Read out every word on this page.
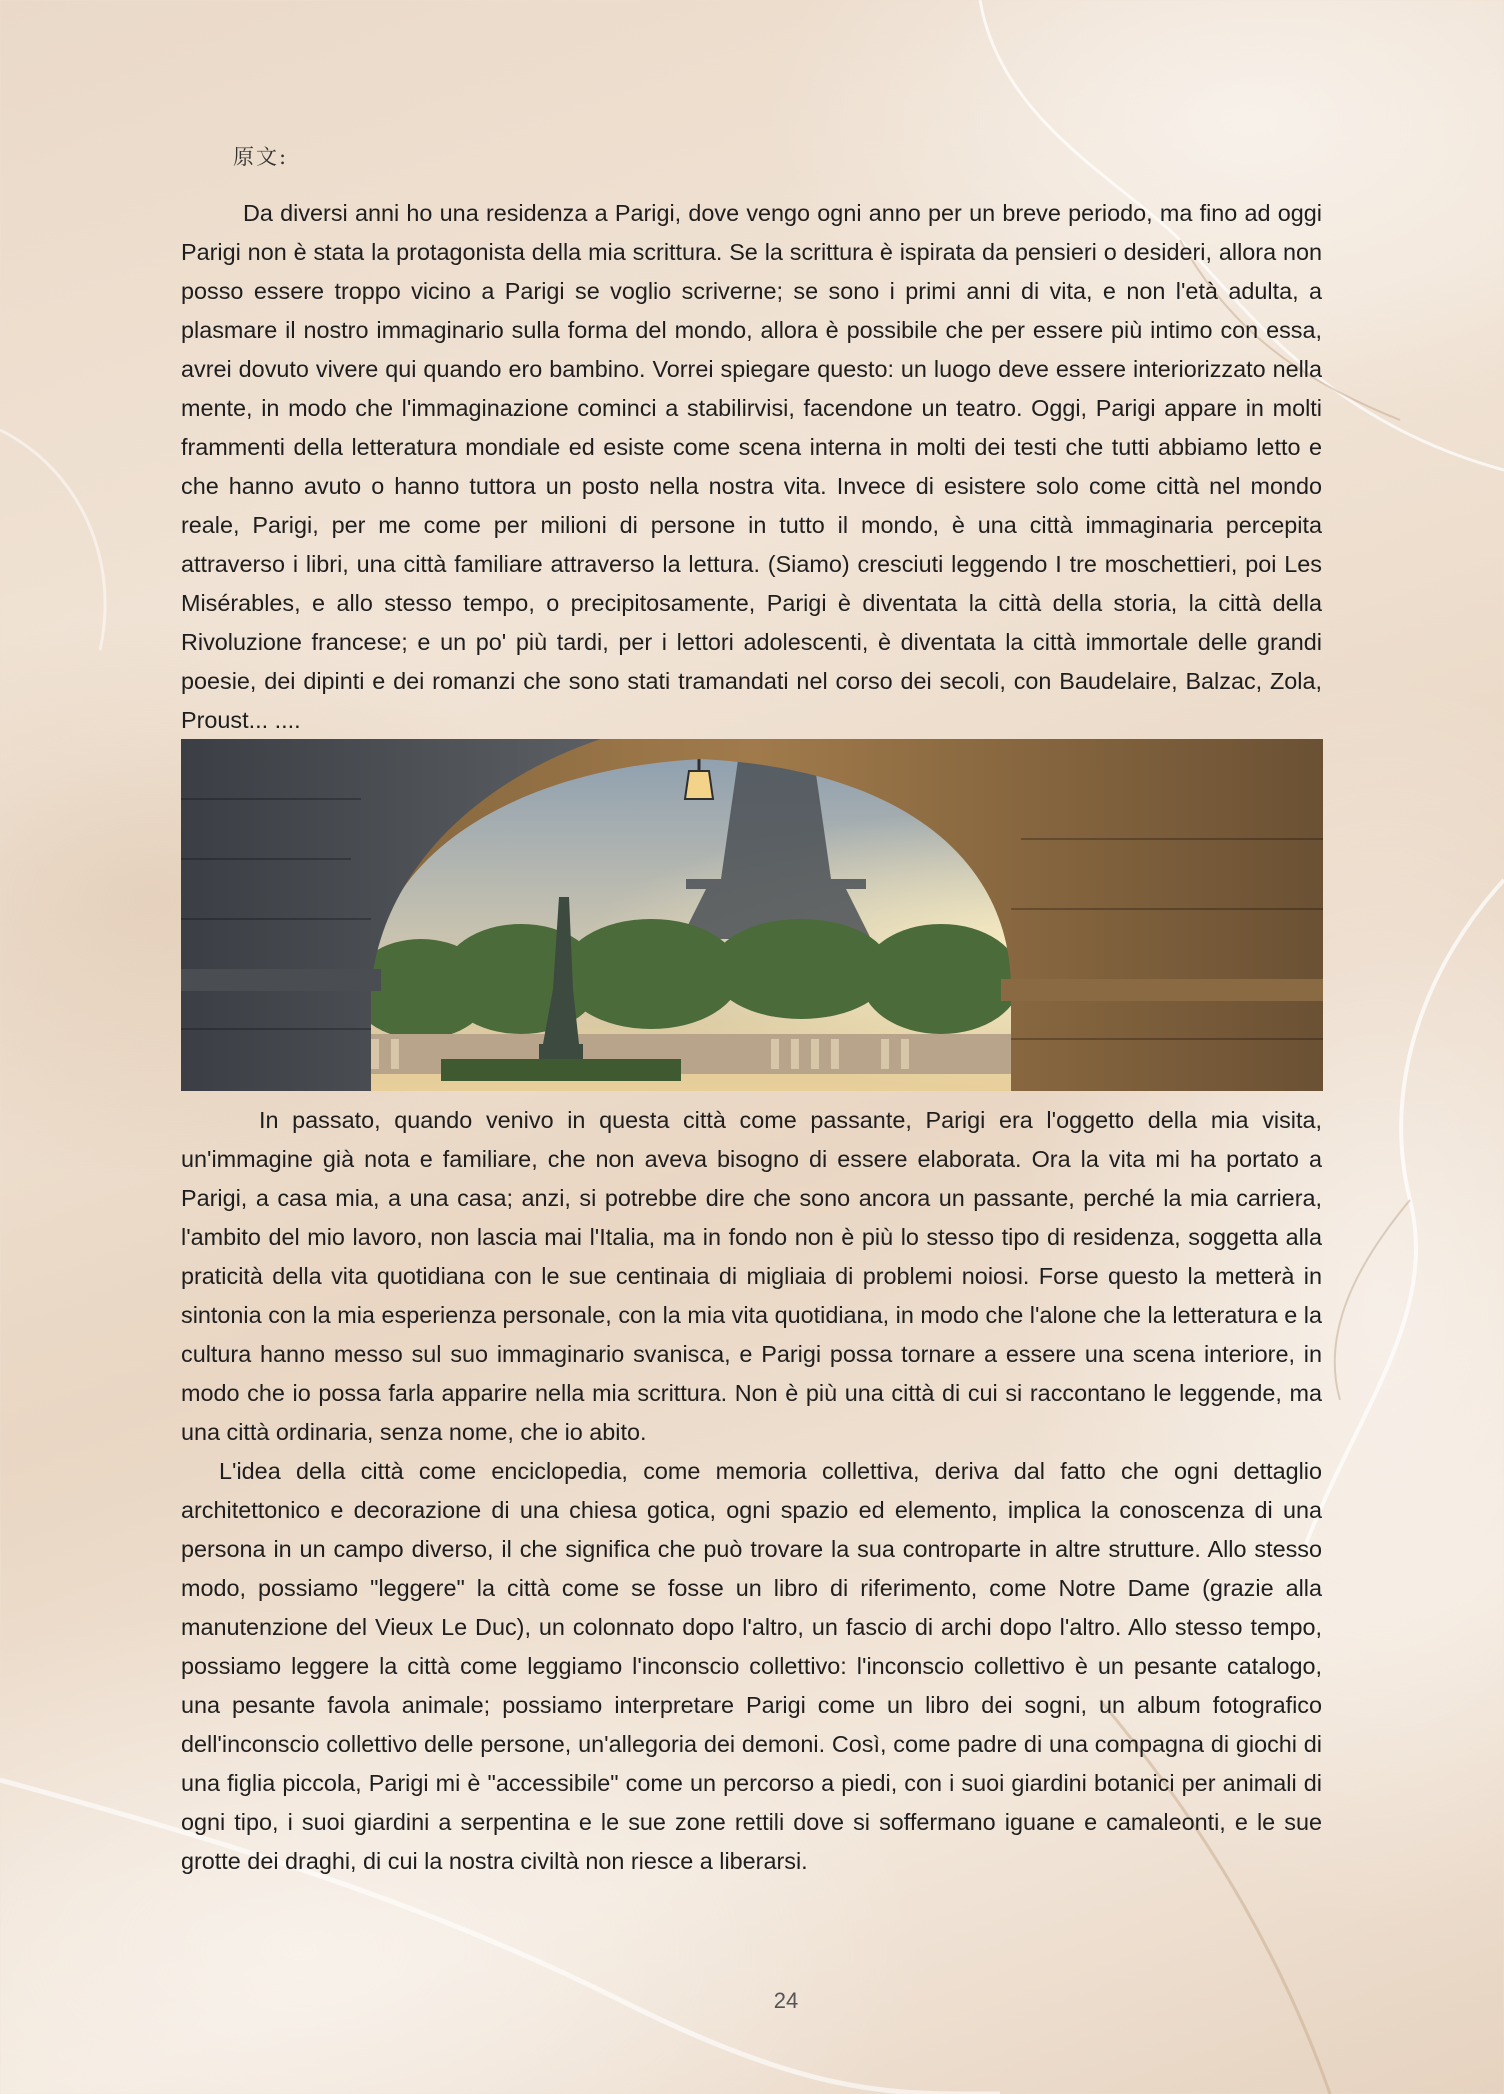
原文:

Da diversi anni ho una residenza a Parigi, dove vengo ogni anno per un breve periodo, ma fino ad oggi Parigi non è stata la protagonista della mia scrittura. Se la scrittura è ispirata da pensieri o desideri, allora non posso essere troppo vicino a Parigi se voglio scriverne; se sono i primi anni di vita, e non l'età adulta, a plasmare il nostro immaginario sulla forma del mondo, allora è possibile che per essere più intimo con essa, avrei dovuto vivere qui quando ero bambino. Vorrei spiegare questo: un luogo deve essere interiorizzato nella mente, in modo che l'immaginazione cominci a stabilirvisi, facendone un teatro. Oggi, Parigi appare in molti frammenti della letteratura mondiale ed esiste come scena interna in molti dei testi che tutti abbiamo letto e che hanno avuto o hanno tuttora un posto nella nostra vita. Invece di esistere solo come città nel mondo reale, Parigi, per me come per milioni di persone in tutto il mondo, è una città immaginaria percepita attraverso i libri, una città familiare attraverso la lettura. (Siamo) cresciuti leggendo I tre moschettieri, poi Les Misérables, e allo stesso tempo, o precipitosamente, Parigi è diventata la città della storia, la città della Rivoluzione francese; e un po' più tardi, per i lettori adolescenti, è diventata la città immortale delle grandi poesie, dei dipinti e dei romanzi che sono stati tramandati nel corso dei secoli, con Baudelaire, Balzac, Zola, Proust... ....

In passato, quando venivo in questa città come passante, Parigi era l'oggetto della mia visita, un'immagine già nota e familiare, che non aveva bisogno di essere elaborata. Ora la vita mi ha portato a Parigi, a casa mia, a una casa; anzi, si potrebbe dire che sono ancora un passante, perché la mia carriera, l'ambito del mio lavoro, non lascia mai l'Italia, ma in fondo non è più lo stesso tipo di residenza, soggetta alla praticità della vita quotidiana con le sue centinaia di migliaia di problemi noiosi. Forse questo la metterà in sintonia con la mia esperienza personale, con la mia vita quotidiana, in modo che l'alone che la letteratura e la cultura hanno messo sul suo immaginario svanisca, e Parigi possa tornare a essere una scena interiore, in modo che io possa farla apparire nella mia scrittura. Non è più una città di cui si raccontano le leggende, ma una città ordinaria, senza nome, che io abito.

L'idea della città come enciclopedia, come memoria collettiva, deriva dal fatto che ogni dettaglio architettonico e decorazione di una chiesa gotica, ogni spazio ed elemento, implica la conoscenza di una persona in un campo diverso, il che significa che può trovare la sua controparte in altre strutture. Allo stesso modo, possiamo "leggere" la città come se fosse un libro di riferimento, come Notre Dame (grazie alla manutenzione del Vieux Le Duc), un colonnato dopo l'altro, un fascio di archi dopo l'altro. Allo stesso tempo, possiamo leggere la città come leggiamo l'inconscio collettivo: l'inconscio collettivo è un pesante catalogo, una pesante favola animale; possiamo interpretare Parigi come un libro dei sogni, un album fotografico dell'inconscio collettivo delle persone, un'allegoria dei demoni. Così, come padre di una compagna di giochi di una figlia piccola, Parigi mi è "accessibile" come un percorso a piedi, con i suoi giardini botanici per animali di ogni tipo, i suoi giardini a serpentina e le sue zone rettili dove si soffermano iguane e camaleonti, e le sue grotte dei draghi, di cui la nostra civiltà non riesce a liberarsi.

24
